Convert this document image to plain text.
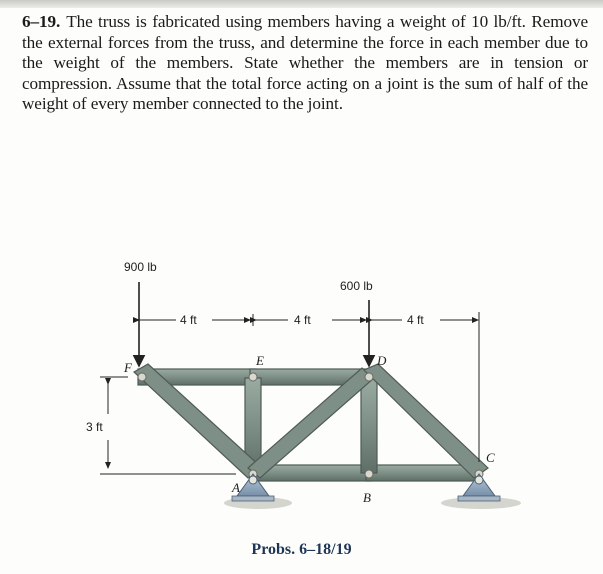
6–19. The truss is fabricated using members having a weight of 10 lb/ft. Remove the external forces from the truss, and determine the force in each member due to the weight of the members. State whether the members are in tension or compression. Assume that the total force acting on a joint is the sum of half of the weight of every member connected to the joint.
900 lb
600 lb
4 ft	4 ft	4 ft
3 ft
F	E	D
A
B
C
Probs. 6–18/19
